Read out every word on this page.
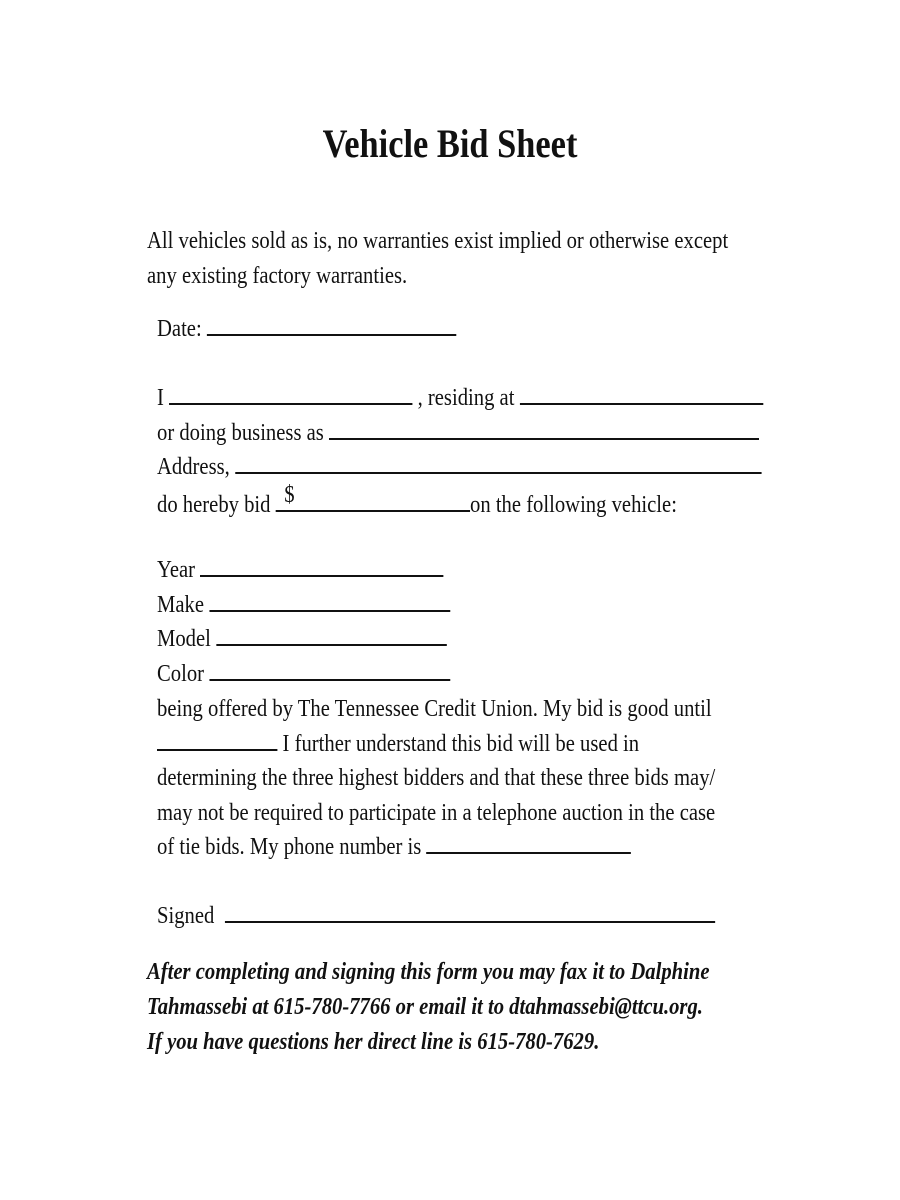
Vehicle Bid Sheet
All vehicles sold as is, no warranties exist implied or otherwise except
any existing factory warranties.
Date:
I	, residing at
or doing business as
Address,
do hereby bid $	on the following vehicle:
Year
Make
Model
Color
being offered by The Tennessee Credit Union. My bid is good until
I further understand this bid will be used in
determining the three highest bidders and that these three bids may/
may not be required to participate in a telephone auction in the case
of tie bids. My phone number is
Signed
After completing and signing this form you may fax it to Dalphine
Tahmassebi at 615-780-7766 or email it to dtahmassebi@ttcu.org.
If you have questions her direct line is 615-780-7629.
